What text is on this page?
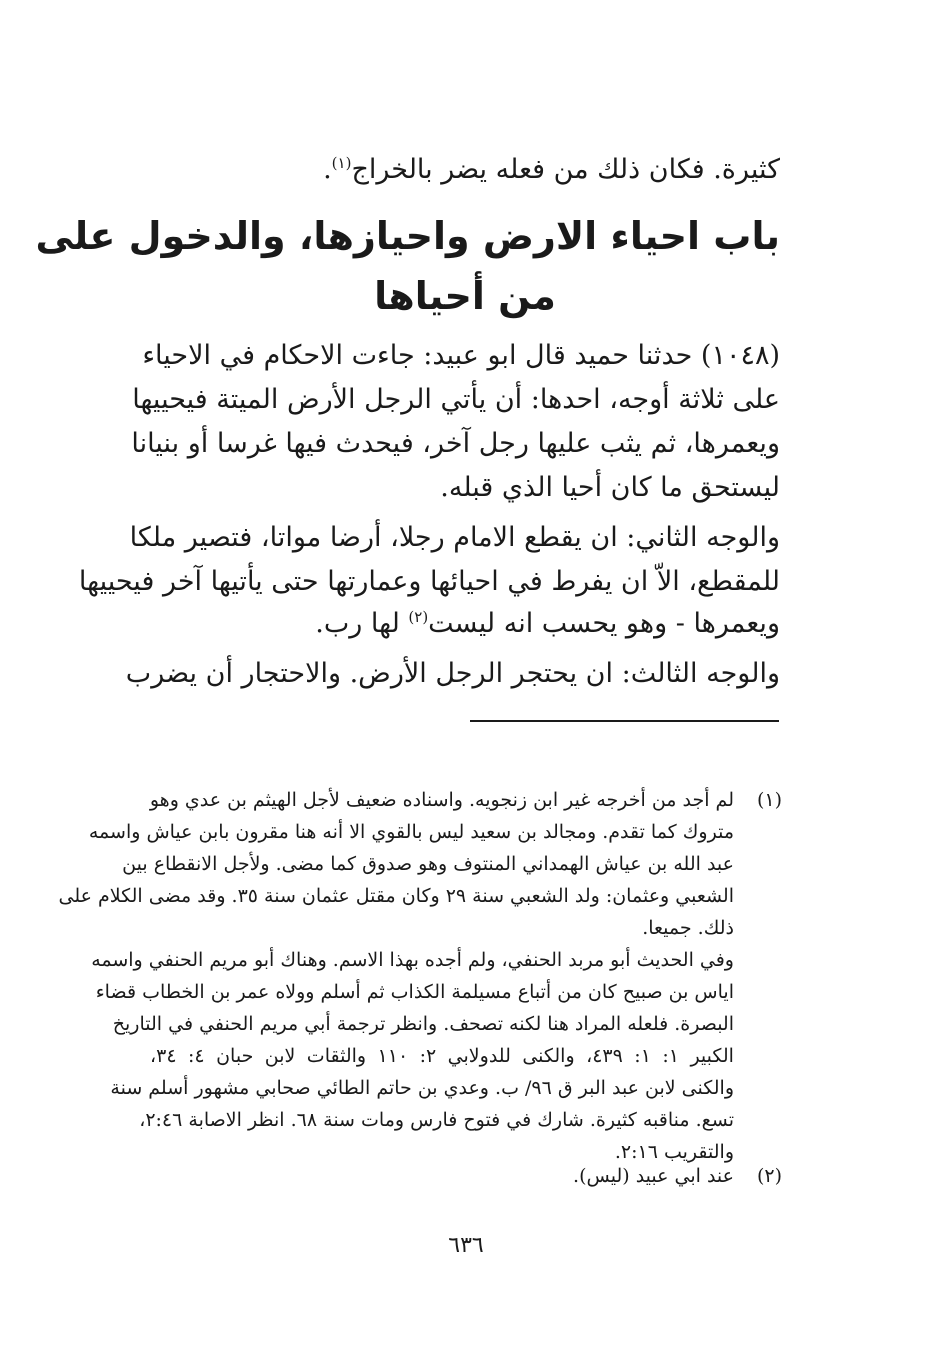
كثيرة. فكان ذلك من فعله يضر بالخراج$^{(١)}$.
باب احياء الارض واحيازها، والدخول على
من أحياها
(١٠٤٨) حدثنا حميد قال ابو عبيد: جاءت الاحكام في الاحياء
على ثلاثة أوجه، احدها: أن يأتي الرجل الأرض الميتة فيحييها
ويعمرها، ثم يثب عليها رجل آخر، فيحدث فيها غرسا أو بنيانا
ليستحق ما كان أحيا الذي قبله.
والوجه الثاني: ان يقطع الامام رجلا، أرضا مواتا، فتصير ملكا
للمقطع، الاّ ان يفرط في احيائها وعمارتها حتى يأتيها آخر فيحييها
ويعمرها - وهو يحسب انه ليست$^{(٢)}$ لها رب.
والوجه الثالث: ان يحتجر الرجل الأرض. والاحتجار أن يضرب
(١)
لم أجد من أخرجه غير ابن زنجويه. واسناده ضعيف لأجل الهيثم بن عدي وهو
متروك كما تقدم. ومجالد بن سعيد ليس بالقوي الا أنه هنا مقرون بابن عياش واسمه
عبد الله بن عياش الهمداني المنتوف وهو صدوق كما مضى. ولأجل الانقطاع بين
الشعبي وعثمان: ولد الشعبي سنة ٢٩ وكان مقتل عثمان سنة ٣٥. وقد مضى الكلام على
ذلك. جميعا.
وفي الحديث أبو مربد الحنفي، ولم أجده بهذا الاسم. وهناك أبو مريم الحنفي واسمه
اياس بن صبيح كان من أتباع مسيلمة الكذاب ثم أسلم وولاه عمر بن الخطاب قضاء
البصرة. فلعله المراد هنا لكنه تصحف. وانظر ترجمة أبي مريم الحنفي في التاريخ
الكبير ١: ١: ٤٣٩، والكنى للدولابي ٢: ١١٠ والثقات لابن حبان ٤: ٣٤،
والكنى لابن عبد البر ق ٩٦/ ب. وعدي بن حاتم الطائي صحابي مشهور أسلم سنة
تسع. مناقبه كثيرة. شارك في فتوح فارس ومات سنة ٦٨. انظر الاصابة ٢:٤٦،
والتقريب ٢:١٦.
(٢)
عند ابي عبيد (ليس).
٦٣٦
